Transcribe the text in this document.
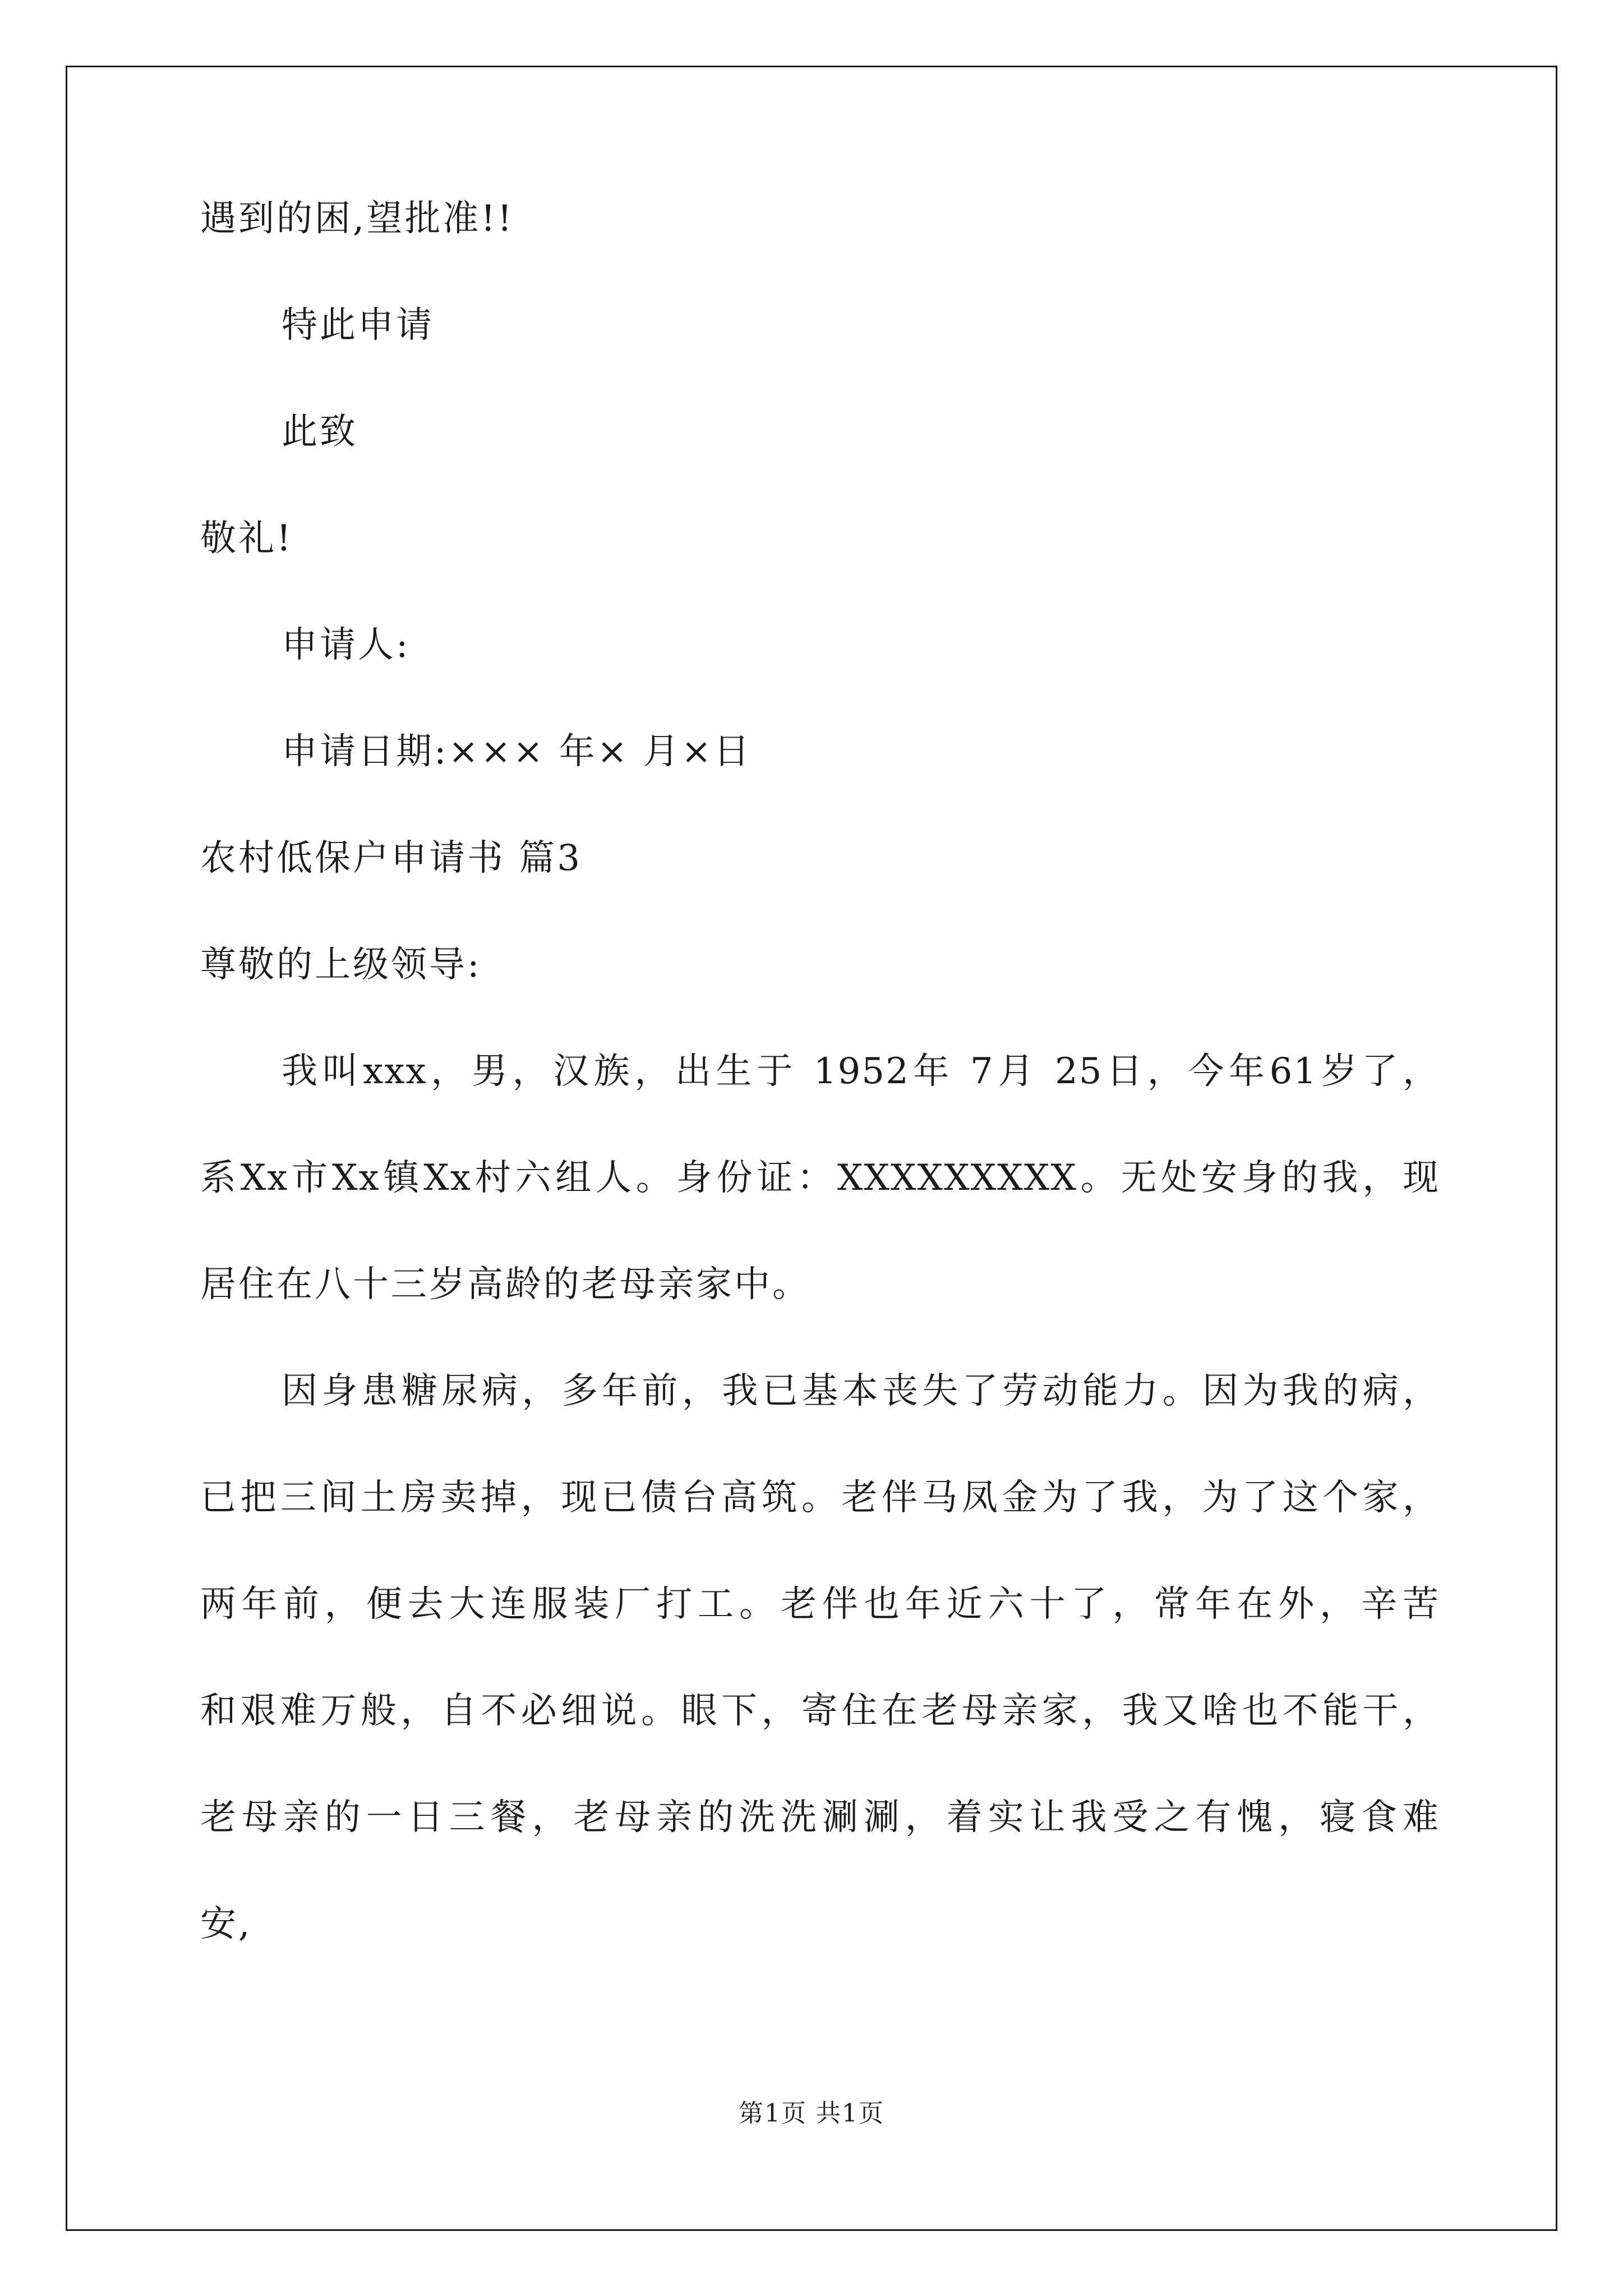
遇到的困,望批准!!
特此申请
此致
敬礼!
申请人:
申请日期:××× 年× 月×日
农村低保户申请书 篇3
尊敬的上级领导:
我叫xxx，男，汉族，出生于 1952年 7月 25日，今年61岁了，
系Xx市Xx镇Xx村六组人。身份证：XXXXXXXXX。无处安身的我，现
居住在八十三岁高龄的老母亲家中。
因身患糖尿病，多年前，我已基本丧失了劳动能力。因为我的病，
已把三间土房卖掉，现已债台高筑。老伴马凤金为了我，为了这个家，
两年前，便去大连服装厂打工。老伴也年近六十了，常年在外，辛苦
和艰难万般，自不必细说。眼下，寄住在老母亲家，我又啥也不能干，
老母亲的一日三餐，老母亲的洗洗涮涮，着实让我受之有愧，寝食难
安,
第1页 共1页
